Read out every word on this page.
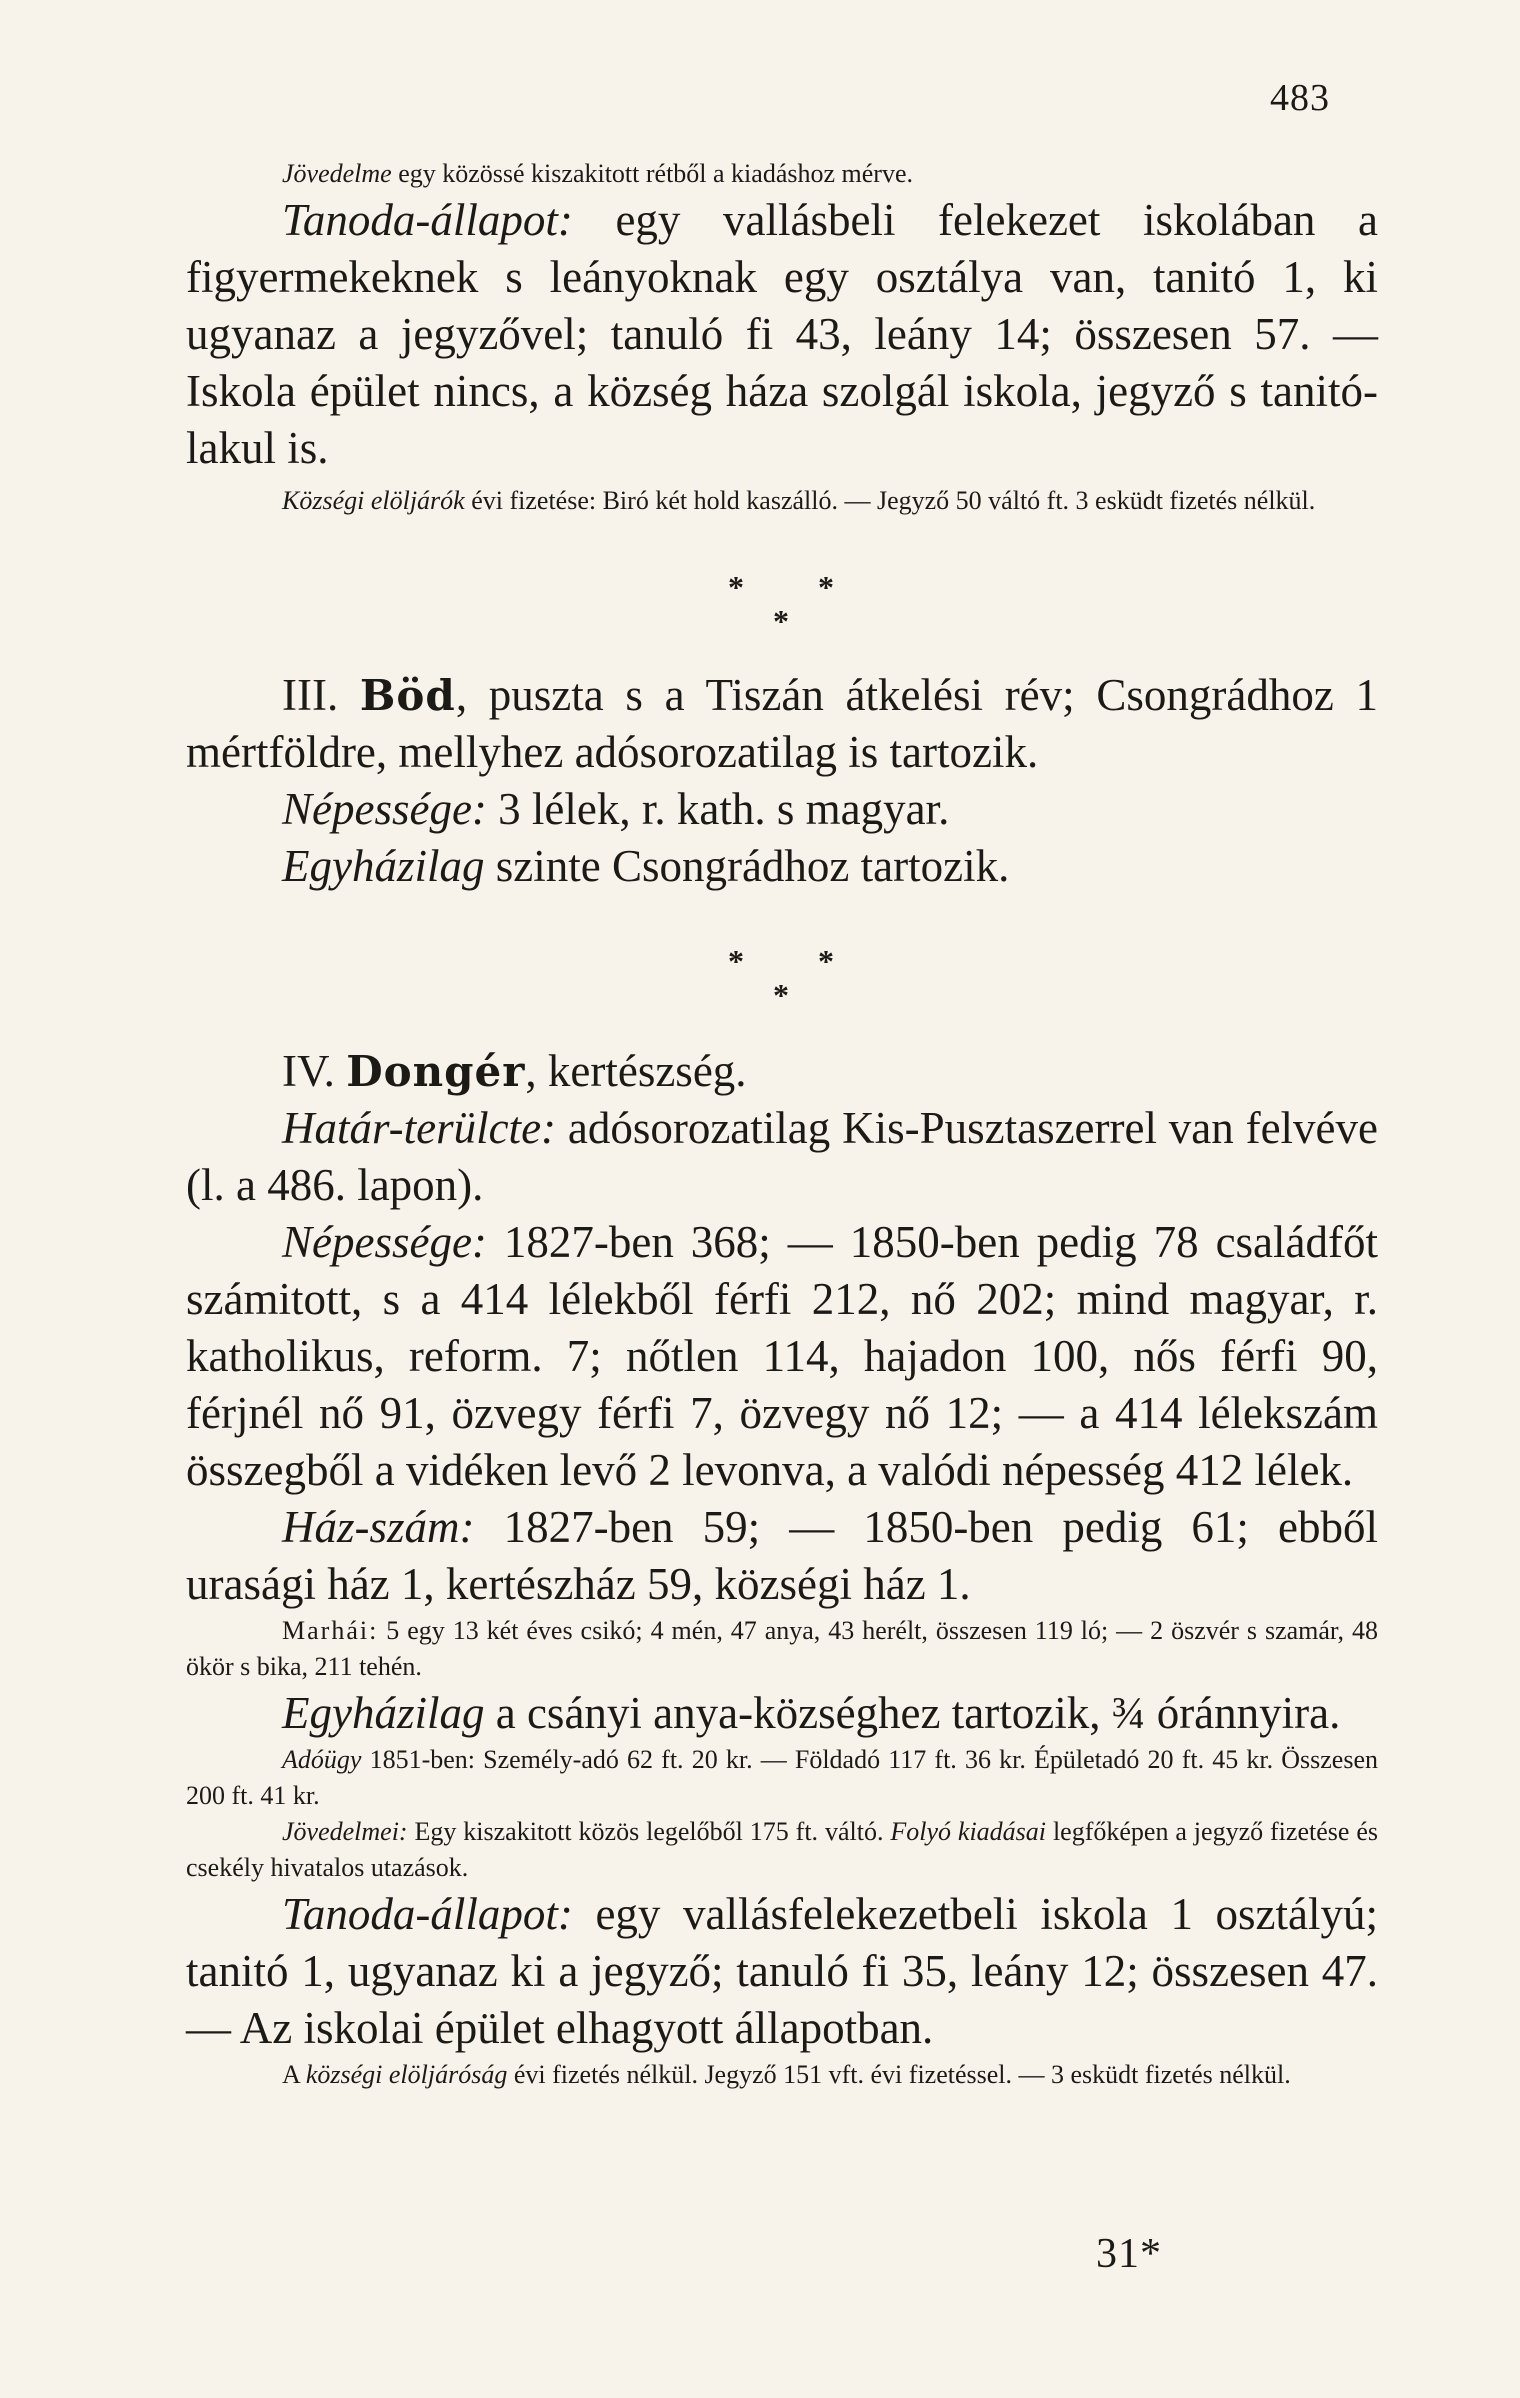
483

Jövedelme egy közössé kiszakitott rétből a kiadáshoz mérve.

Tanoda-állapot: egy vallásbeli felekezet iskolában a figyermekeknek s leányoknak egy osztálya van, tanitó 1, ki ugyanaz a jegyzővel; tanuló fi 43, leány 14; összesen 57. — Iskola épület nincs, a község háza szolgál iskola, jegyző s tanitó-lakul is.

Községi elöljárók évi fizetése: Biró két hold kaszálló. — Jegyző 50 váltó ft. 3 esküdt fizetés nélkül.

* *
*

III. Böd, puszta s a Tiszán átkelési rév; Csongrádhoz 1 mértföldre, mellyhez adósorozatilag is tartozik.

Népessége: 3 lélek, r. kath. s magyar.

Egyházilag szinte Csongrádhoz tartozik.

* *
*

IV. Dongér, kertészség.

Határ-terülcte: adósorozatilag Kis-Pusztaszerrel van felvéve (l. a 486. lapon).

Népessége: 1827-ben 368; — 1850-ben pedig 78 családfőt számitott, s a 414 lélekből férfi 212, nő 202; mind magyar, r. katholikus, reform. 7; nőtlen 114, hajadon 100, nős férfi 90, férjnél nő 91, özvegy férfi 7, özvegy nő 12; — a 414 lélekszám összegből a vidéken levő 2 levonva, a valódi népesség 412 lélek.

Ház-szám: 1827-ben 59; — 1850-ben pedig 61; ebből urasági ház 1, kertészház 59, községi ház 1.

Marhái: 5 egy 13 két éves csikó; 4 mén, 47 anya, 43 herélt, összesen 119 ló; — 2 öszvér s szamár, 48 ökör s bika, 211 tehén.

Egyházilag a csányi anya-községhez tartozik, ¾ óránnyira.

Adóügy 1851-ben: Személy-adó 62 ft. 20 kr. — Földadó 117 ft. 36 kr. Épületadó 20 ft. 45 kr. Összesen 200 ft. 41 kr.

Jövedelmei: Egy kiszakitott közös legelőből 175 ft. váltó. Folyó kiadásai legfőképen a jegyző fizetése és csekély hivatalos utazások.

Tanoda-állapot: egy vallásfelekezetbeli iskola 1 osztályú; tanitó 1, ugyanaz ki a jegyző; tanuló fi 35, leány 12; összesen 47. — Az iskolai épület elhagyott állapotban.

A községi elöljáróság évi fizetés nélkül. Jegyző 151 vft. évi fizetéssel. — 3 esküdt fizetés nélkül.

31*
